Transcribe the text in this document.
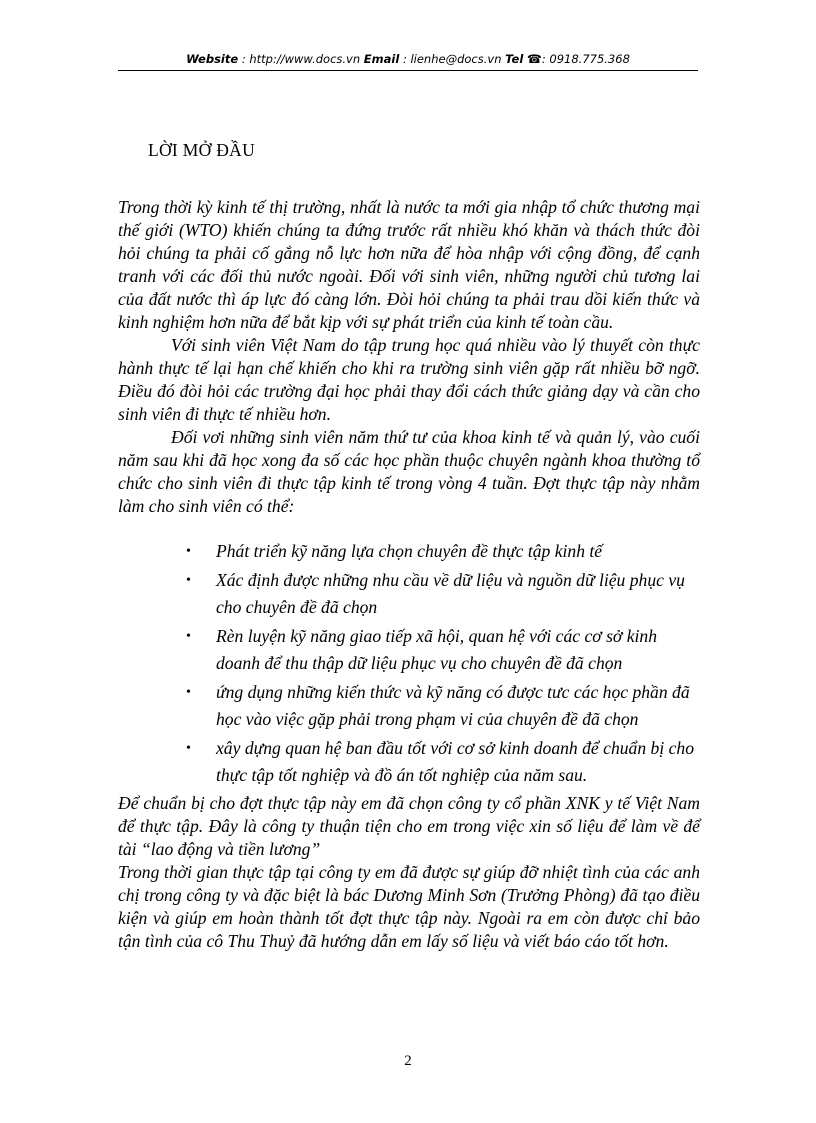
Website : http://www.docs.vn Email : lienhe@docs.vn Tel ☎: 0918.775.368
LỜI MỞ ĐẦU

Trong thời kỳ kinh tế thị trường, nhất là nước ta mới gia nhập tổ chức thương mại thế giới (WTO) khiến chúng ta đứng trước rất nhiều khó khăn và thách thức đòi hỏi chúng ta phải cố gắng nỗ lực hơn nữa để hòa nhập với cộng đồng, để cạnh tranh với các đối thủ nước ngoài. Đối với sinh viên, những người chủ tương lai của đất nước thì áp lực đó càng lớn. Đòi hỏi chúng ta phải trau dồi kiến thức và kinh nghiệm hơn nữa để bắt kịp với sự phát triển của kinh tế toàn cầu.

Với sinh viên Việt Nam do tập trung học quá nhiều vào lý thuyết còn thực hành thực tế lại hạn chế khiến cho khi ra trường sinh viên gặp rất nhiều bỡ ngỡ. Điều đó đòi hỏi các trường đại học phải thay đổi cách thức giảng dạy và cần cho sinh viên đi thực tế nhiều hơn.

Đối vơi những sinh viên năm thứ tư của khoa kinh tế và quản lý, vào cuối năm sau khi đã học xong đa số các học phần thuộc chuyên ngành khoa thường tổ chức cho sinh viên đi thực tập kinh tế trong vòng 4 tuần. Đợt thực tập này nhằm làm cho sinh viên có thể:

• Phát triển kỹ năng lựa chọn chuyên đề thực tập kinh tế
• Xác định được những nhu cầu về dữ liệu và nguồn dữ liệu phục vụ cho chuyên đề đã chọn
• Rèn luyện kỹ năng giao tiếp xã hội, quan hệ với các cơ sở kinh doanh để thu thập dữ liệu phục vụ cho chuyên đề đã chọn
• ứng dụng những kiến thức và kỹ năng có được tưc các học phần đã học vào việc gặp phải trong phạm vi của chuyên đề đã chọn
• xây dựng quan hệ ban đầu tốt với cơ sở kinh doanh để chuẩn bị cho thực tập tốt nghiệp và đồ án tốt nghiệp của năm sau.

Để chuẩn bị cho đợt thực tập này em đã chọn công ty cổ phần XNK y tế Việt Nam để thực tập. Đây là công ty thuận tiện cho em trong việc xin số liệu để làm về để tài “lao động và tiền lương”

Trong thời gian thực tập tại công ty em đã được sự giúp đỡ nhiệt tình của các anh chị trong công ty và đặc biệt là bác Dương Minh Sơn (Trưởng Phòng) đã tạo điều kiện và giúp em hoàn thành tốt đợt thực tập này. Ngoài ra em còn được chỉ bảo tận tình của cô Thu Thuỷ đã hướng dẫn em lấy số liệu và viết báo cáo tốt hơn.

2
